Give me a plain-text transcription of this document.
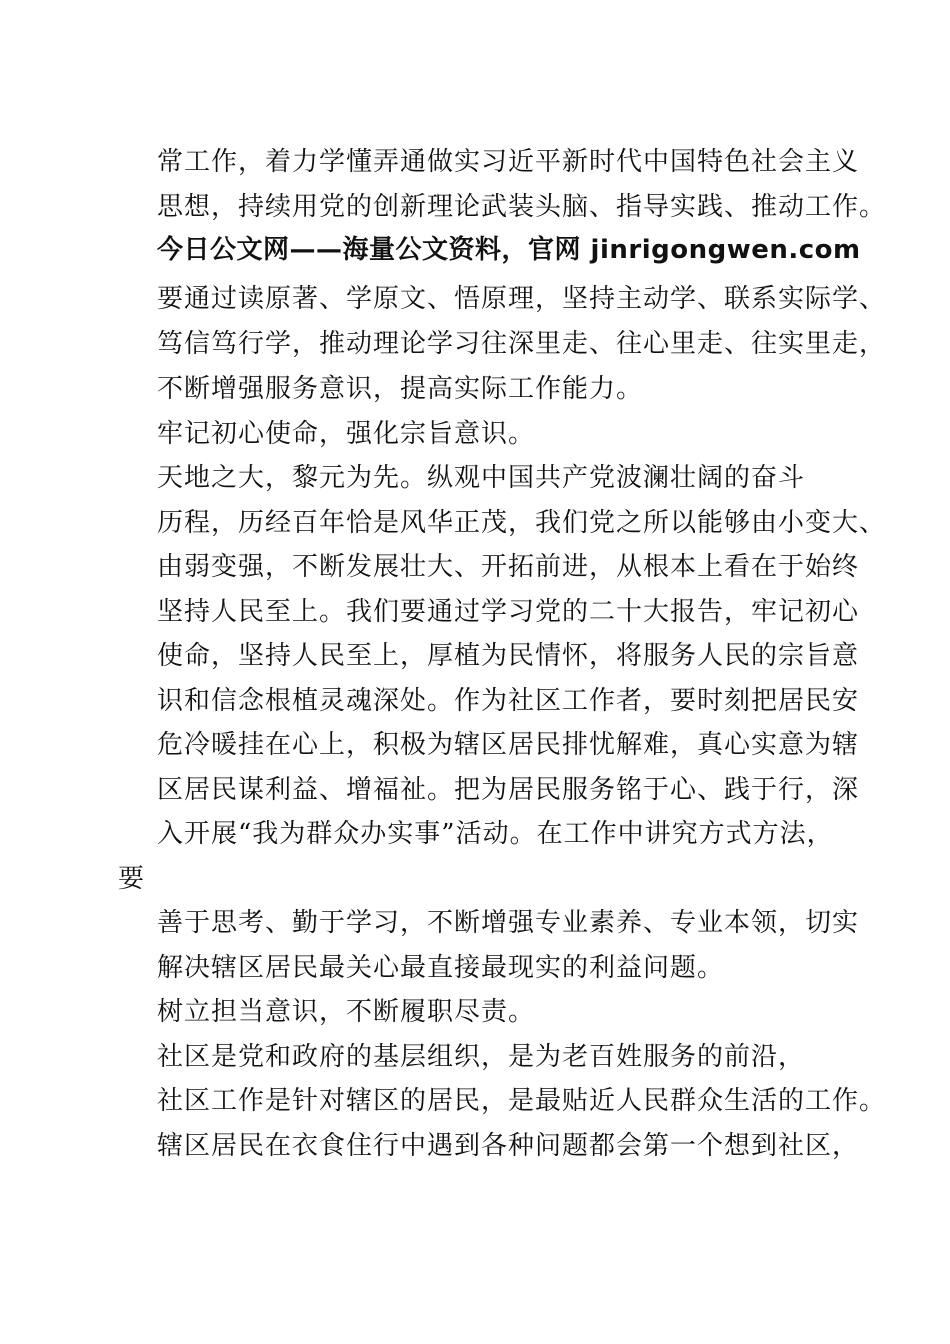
常工作，着力学懂弄通做实习近平新时代中国特色社会主义
思想，持续用党的创新理论武装头脑、指导实践、推动工作。
今日公文网——海量公文资料，官网 jinrigongwen.com
要通过读原著、学原文、悟原理，坚持主动学、联系实际学、
笃信笃行学，推动理论学习往深里走、往心里走、往实里走，
不断增强服务意识，提高实际工作能力。
牢记初心使命，强化宗旨意识。
天地之大，黎元为先。纵观中国共产党波澜壮阔的奋斗
历程，历经百年恰是风华正茂，我们党之所以能够由小变大、
由弱变强，不断发展壮大、开拓前进，从根本上看在于始终
坚持人民至上。我们要通过学习党的二十大报告，牢记初心
使命，坚持人民至上，厚植为民情怀，将服务人民的宗旨意
识和信念根植灵魂深处。作为社区工作者，要时刻把居民安
危冷暖挂在心上，积极为辖区居民排忧解难，真心实意为辖
区居民谋利益、增福祉。把为居民服务铭于心、践于行，深
入开展“我为群众办实事”活动。在工作中讲究方式方法，
要
善于思考、勤于学习，不断增强专业素养、专业本领，切实
解决辖区居民最关心最直接最现实的利益问题。
树立担当意识，不断履职尽责。
社区是党和政府的基层组织，是为老百姓服务的前沿，
社区工作是针对辖区的居民，是最贴近人民群众生活的工作。
辖区居民在衣食住行中遇到各种问题都会第一个想到社区，
